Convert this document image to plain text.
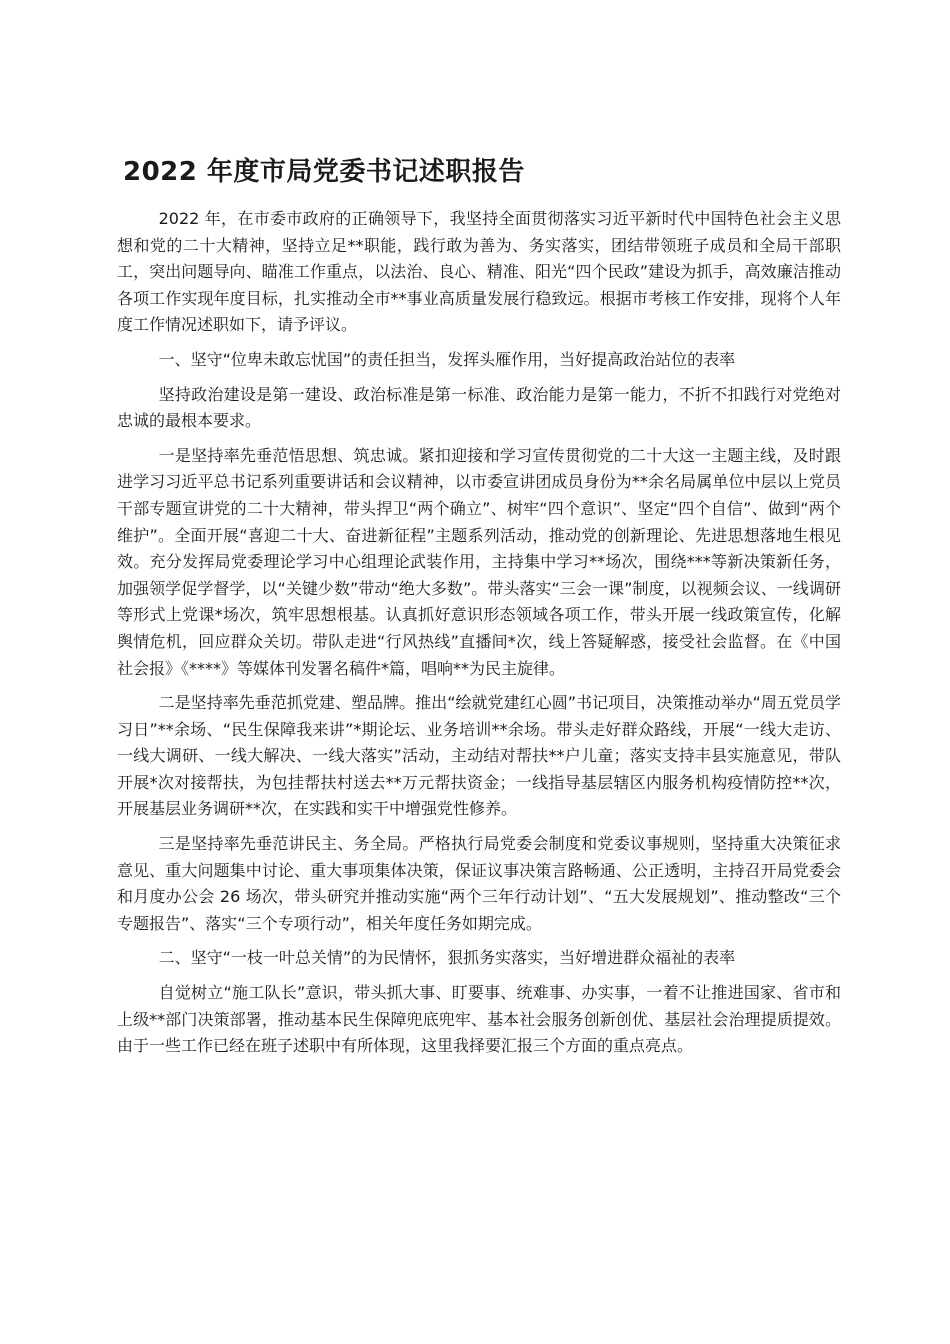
2022 年度市局党委书记述职报告

2022 年，在市委市政府的正确领导下，我坚持全面贯彻落实习近平新时代中国特色社会主义思想和党的二十大精神，坚持立足**职能，践行敢为善为、务实落实，团结带领班子成员和全局干部职工，突出问题导向、瞄准工作重点，以法治、良心、精准、阳光“四个民政”建设为抓手，高效廉洁推动各项工作实现年度目标，扎实推动全市**事业高质量发展行稳致远。根据市考核工作安排，现将个人年度工作情况述职如下，请予评议。

一、坚守“位卑未敢忘忧国”的责任担当，发挥头雁作用，当好提高政治站位的表率

坚持政治建设是第一建设、政治标准是第一标准、政治能力是第一能力，不折不扣践行对党绝对忠诚的最根本要求。

一是坚持率先垂范悟思想、筑忠诚。紧扣迎接和学习宣传贯彻党的二十大这一主题主线，及时跟进学习习近平总书记系列重要讲话和会议精神，以市委宣讲团成员身份为**余名局属单位中层以上党员干部专题宣讲党的二十大精神，带头捍卫“两个确立”、树牢“四个意识”、坚定“四个自信”、做到“两个维护”。全面开展“喜迎二十大、奋进新征程”主题系列活动，推动党的创新理论、先进思想落地生根见效。充分发挥局党委理论学习中心组理论武装作用，主持集中学习**场次，围绕***等新决策新任务，加强领学促学督学，以“关键少数”带动“绝大多数”。带头落实“三会一课”制度，以视频会议、一线调研等形式上党课*场次，筑牢思想根基。认真抓好意识形态领域各项工作，带头开展一线政策宣传，化解舆情危机，回应群众关切。带队走进“行风热线”直播间*次，线上答疑解惑，接受社会监督。在《中国社会报》《****》等媒体刊发署名稿件*篇，唱响**为民主旋律。

二是坚持率先垂范抓党建、塑品牌。推出“绘就党建红心圆”书记项目，决策推动举办“周五党员学习日”**余场、“民生保障我来讲”*期论坛、业务培训**余场。带头走好群众路线，开展“一线大走访、一线大调研、一线大解决、一线大落实”活动，主动结对帮扶**户儿童；落实支持丰县实施意见，带队开展*次对接帮扶，为包挂帮扶村送去**万元帮扶资金；一线指导基层辖区内服务机构疫情防控**次，开展基层业务调研**次，在实践和实干中增强党性修养。

三是坚持率先垂范讲民主、务全局。严格执行局党委会制度和党委议事规则，坚持重大决策征求意见、重大问题集中讨论、重大事项集体决策，保证议事决策言路畅通、公正透明，主持召开局党委会和月度办公会 26 场次，带头研究并推动实施“两个三年行动计划”、“五大发展规划”、推动整改“三个专题报告”、落实“三个专项行动”，相关年度任务如期完成。

二、坚守“一枝一叶总关情”的为民情怀，狠抓务实落实，当好增进群众福祉的表率

自觉树立“施工队长”意识，带头抓大事、盯要事、统难事、办实事，一着不让推进国家、省市和上级**部门决策部署，推动基本民生保障兜底兜牢、基本社会服务创新创优、基层社会治理提质提效。由于一些工作已经在班子述职中有所体现，这里我择要汇报三个方面的重点亮点。
